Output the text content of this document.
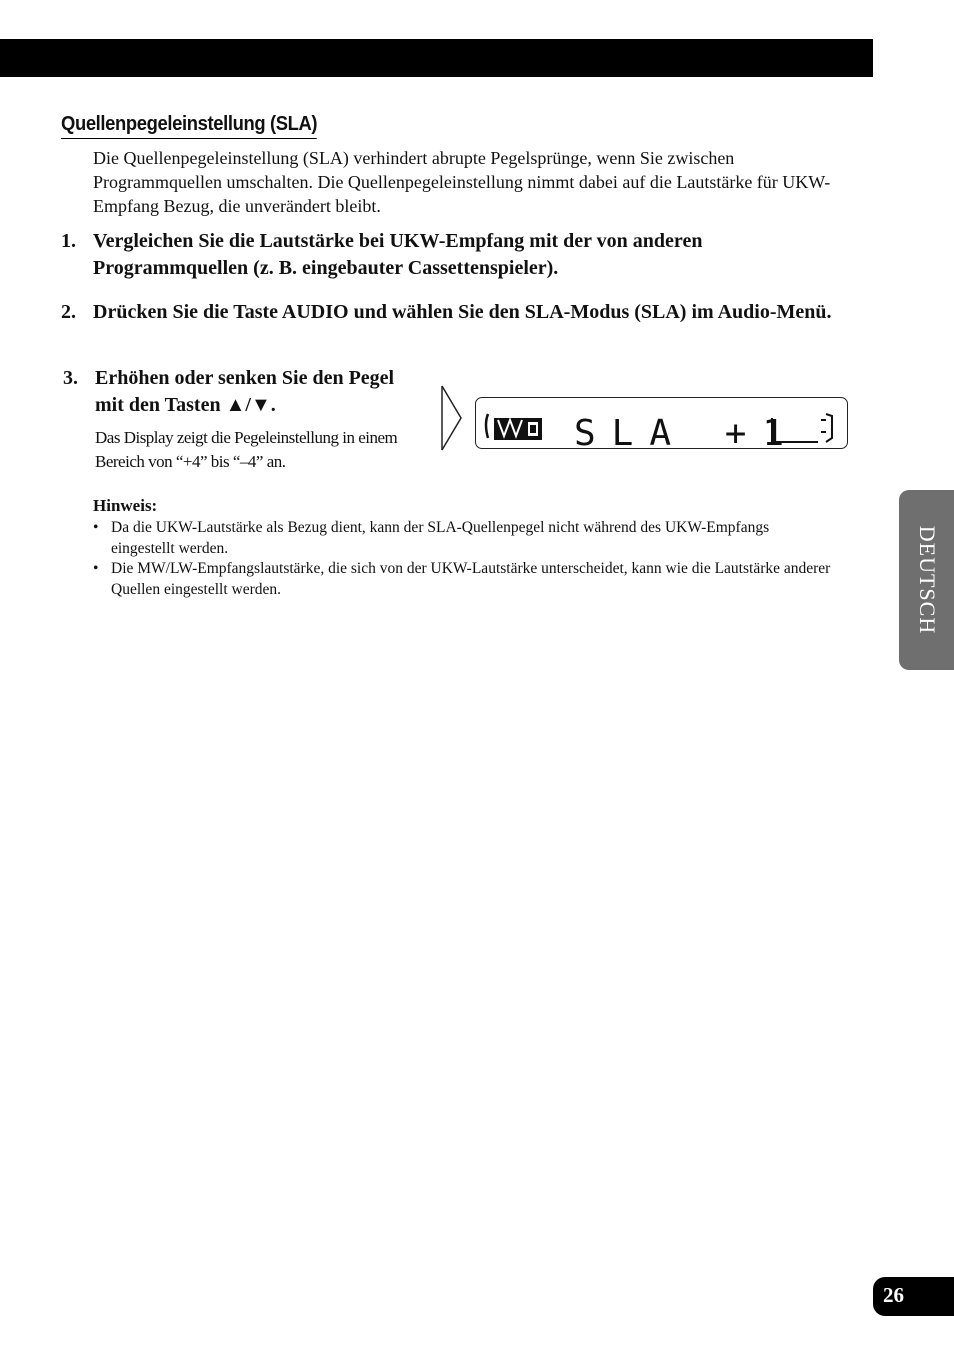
Quellenpegeleinstellung (SLA)

Die Quellenpegeleinstellung (SLA) verhindert abrupte Pegelsprünge, wenn Sie zwischen Programmquellen umschalten. Die Quellenpegeleinstellung nimmt dabei auf die Lautstärke für UKW-Empfang Bezug, die unverändert bleibt.

1. Vergleichen Sie die Lautstärke bei UKW-Empfang mit der von anderen Programmquellen (z. B. eingebauter Cassettenspieler).
2. Drücken Sie die Taste AUDIO und wählen Sie den SLA-Modus (SLA) im Audio-Menü.
3. Erhöhen oder senken Sie den Pegel mit den Tasten ▲/▼.

Das Display zeigt die Pegeleinstellung in einem Bereich von “+4” bis “–4” an.

SLA +1
Hinweis:
• Da die UKW-Lautstärke als Bezug dient, kann der SLA-Quellenpegel nicht während des UKW-Empfangs eingestellt werden.
• Die MW/LW-Empfangslautstärke, die sich von der UKW-Lautstärke unterscheidet, kann wie die Lautstärke anderer Quellen eingestellt werden.	DEUTSCH
26
